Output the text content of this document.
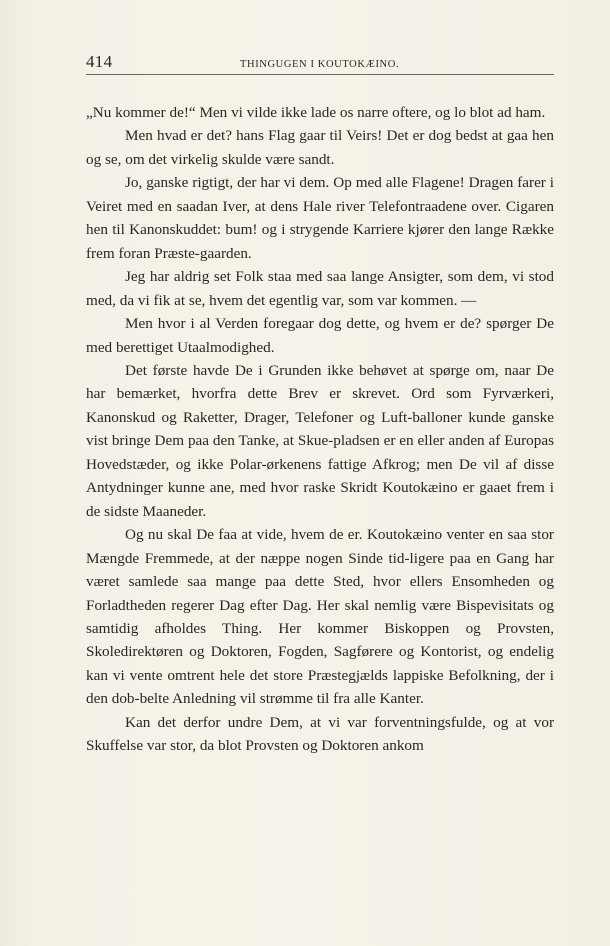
414	THINGUGEN I KOUTOKÆINO.

„Nu kommer de!“ Men vi vilde ikke lade os narre oftere, og lo blot ad ham.

Men hvad er det? hans Flag gaar til Veirs! Det er dog bedst at gaa hen og se, om det virkelig skulde være sandt.

Jo, ganske rigtigt, der har vi dem. Op med alle Flagene! Dragen farer i Veiret med en saadan Iver, at dens Hale river Telefontraadene over. Cigaren hen til Kanonskuddet: bum! og i strygende Karriere kjører den lange Række frem foran Præste-gaarden.

Jeg har aldrig set Folk staa med saa lange Ansigter, som dem, vi stod med, da vi fik at se, hvem det egentlig var, som var kommen. —

Men hvor i al Verden foregaar dog dette, og hvem er de? spørger De med berettiget Utaalmodighed.

Det første havde De i Grunden ikke behøvet at spørge om, naar De har bemærket, hvorfra dette Brev er skrevet. Ord som Fyrværkeri, Kanonskud og Raketter, Drager, Telefoner og Luft-balloner kunde ganske vist bringe Dem paa den Tanke, at Skue-pladsen er en eller anden af Europas Hovedstæder, og ikke Polar-ørkenens fattige Afkrog; men De vil af disse Antydninger kunne ane, med hvor raske Skridt Koutokæino er gaaet frem i de sidste Maaneder.

Og nu skal De faa at vide, hvem de er. Koutokæino venter en saa stor Mængde Fremmede, at der næppe nogen Sinde tid-ligere paa en Gang har været samlede saa mange paa dette Sted, hvor ellers Ensomheden og Forladtheden regerer Dag efter Dag. Her skal nemlig være Bispevisitats og samtidig afholdes Thing. Her kommer Biskoppen og Provsten, Skoledirektøren og Doktoren, Fogden, Sagførere og Kontorist, og endelig kan vi vente omtrent hele det store Præstegjælds lappiske Befolkning, der i den dob-belte Anledning vil strømme til fra alle Kanter.

Kan det derfor undre Dem, at vi var forventningsfulde, og at vor Skuffelse var stor, da blot Provsten og Doktoren ankom
